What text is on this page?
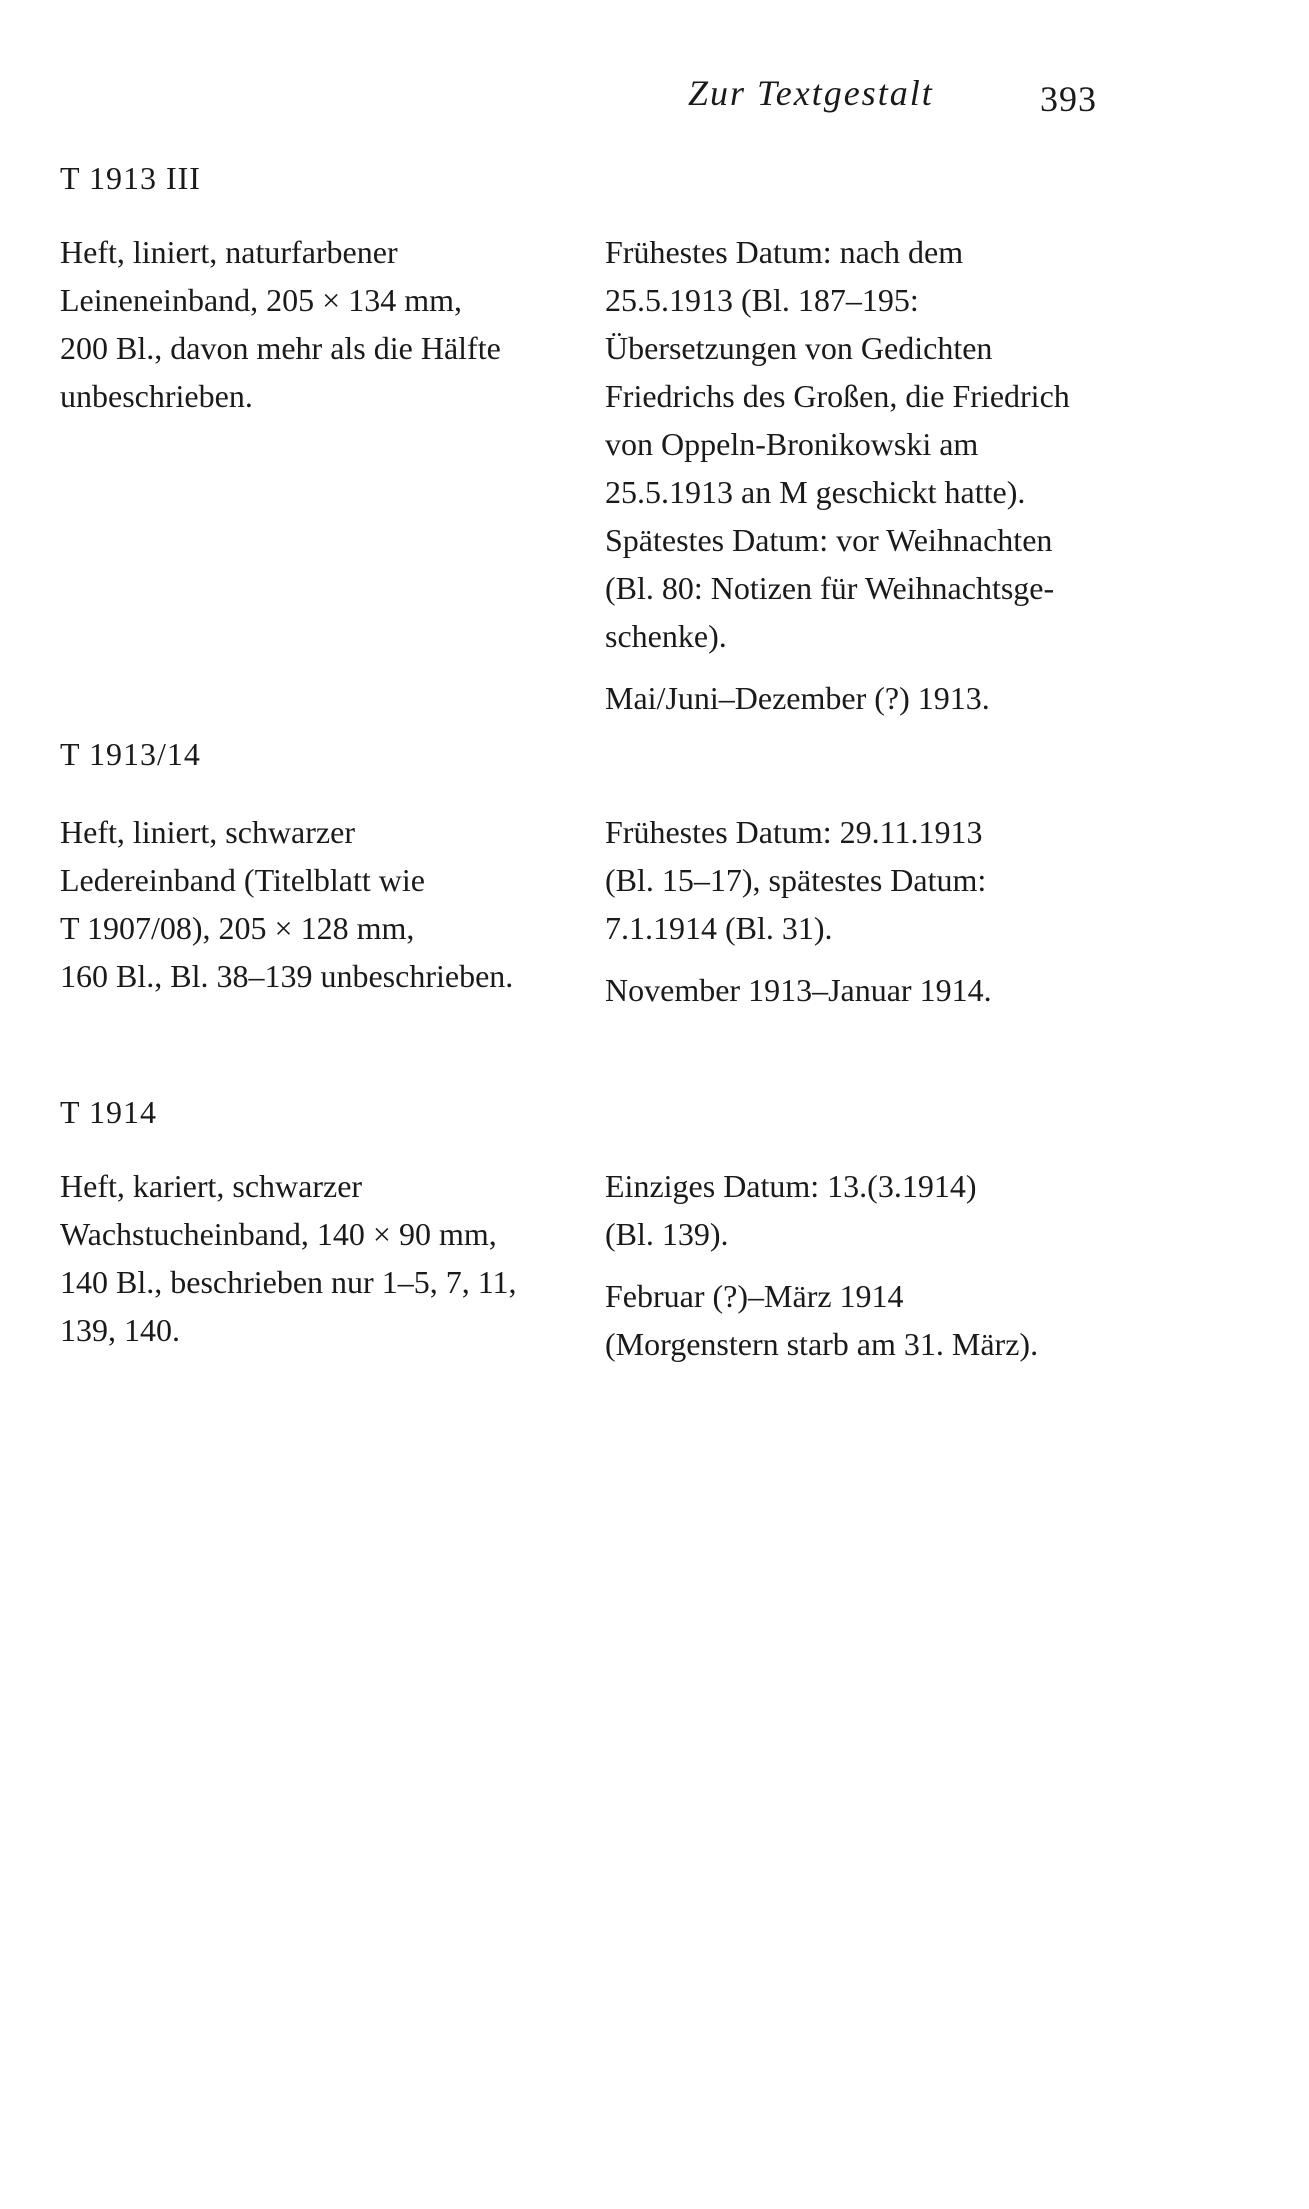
Zur Textgestalt	393
T 1913 III
Heft, liniert, naturfarbener
Leineneinband, 205 × 134 mm,
200 Bl., davon mehr als die Hälfte
unbeschrieben.
Frühestes Datum: nach dem
25.5.1913 (Bl. 187–195:
Übersetzungen von Gedichten
Friedrichs des Großen, die Friedrich
von Oppeln-Bronikowski am
25.5.1913 an M geschickt hatte).
Spätestes Datum: vor Weihnachten
(Bl. 80: Notizen für Weihnachtsge-
schenke).
Mai/Juni–Dezember (?) 1913.
T 1913/14
Heft, liniert, schwarzer
Ledereinband (Titelblatt wie
T 1907/08), 205 × 128 mm,
160 Bl., Bl. 38–139 unbeschrieben.
Frühestes Datum: 29.11.1913
(Bl. 15–17), spätestes Datum:
7.1.1914 (Bl. 31).
November 1913–Januar 1914.
T 1914
Heft, kariert, schwarzer
Wachstucheinband, 140 × 90 mm,
140 Bl., beschrieben nur 1–5, 7, 11,
139, 140.
Einziges Datum: 13.(3.1914)
(Bl. 139).
Februar (?)–März 1914
(Morgenstern starb am 31. März).
